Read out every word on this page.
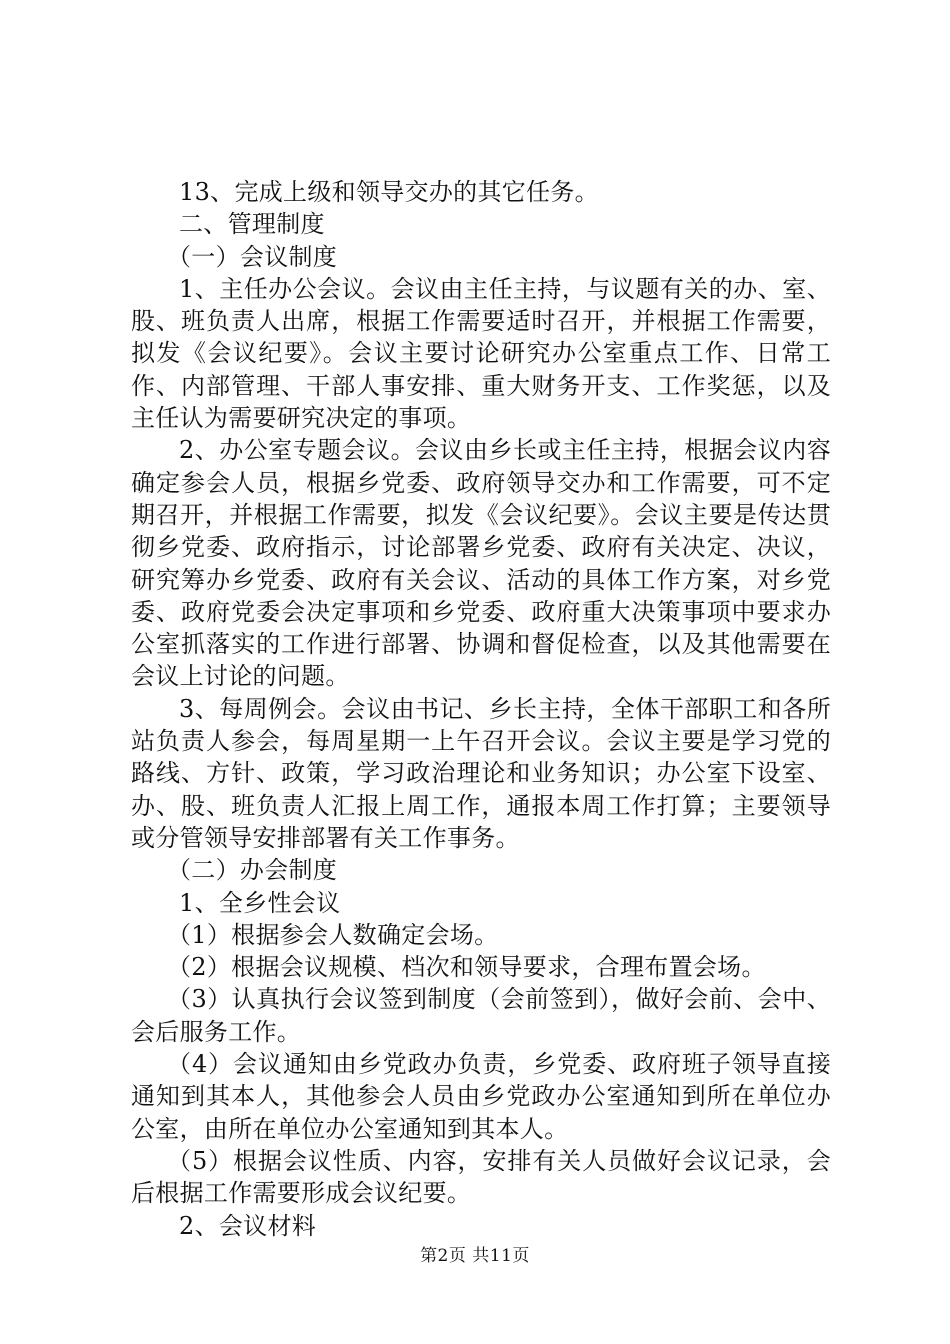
13、完成上级和领导交办的其它任务。

二、管理制度

（一）会议制度

1、主任办公会议。会议由主任主持，与议题有关的办、室、股、班负责人出席，根据工作需要适时召开，并根据工作需要，拟发《会议纪要》。会议主要讨论研究办公室重点工作、日常工作、内部管理、干部人事安排、重大财务开支、工作奖惩，以及主任认为需要研究决定的事项。

2、办公室专题会议。会议由乡长或主任主持，根据会议内容确定参会人员，根据乡党委、政府领导交办和工作需要，可不定期召开，并根据工作需要，拟发《会议纪要》。会议主要是传达贯彻乡党委、政府指示，讨论部署乡党委、政府有关决定、决议，研究筹办乡党委、政府有关会议、活动的具体工作方案，对乡党委、政府党委会决定事项和乡党委、政府重大决策事项中要求办公室抓落实的工作进行部署、协调和督促检查，以及其他需要在会议上讨论的问题。

3、每周例会。会议由书记、乡长主持，全体干部职工和各所站负责人参会，每周星期一上午召开会议。会议主要是学习党的路线、方针、政策，学习政治理论和业务知识；办公室下设室、办、股、班负责人汇报上周工作，通报本周工作打算；主要领导或分管领导安排部署有关工作事务。

（二）办会制度

1、全乡性会议

（1）根据参会人数确定会场。

（2）根据会议规模、档次和领导要求，合理布置会场。

（3）认真执行会议签到制度（会前签到），做好会前、会中、会后服务工作。

（4）会议通知由乡党政办负责，乡党委、政府班子领导直接通知到其本人，其他参会人员由乡党政办公室通知到所在单位办公室，由所在单位办公室通知到其本人。

（5）根据会议性质、内容，安排有关人员做好会议记录，会后根据工作需要形成会议纪要。

2、会议材料

第2页 共11页
